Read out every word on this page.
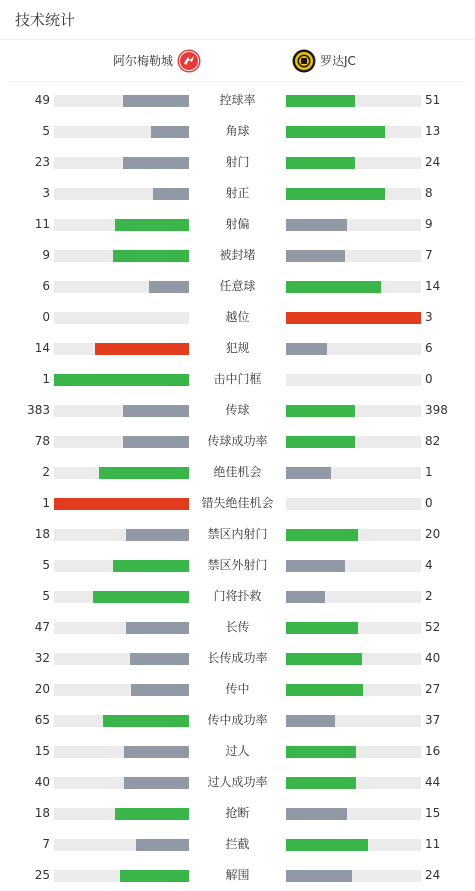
技术统计
阿尔梅勒城	罗达JC
49	控球率	51
5	角球	13
23	射门	24
3	射正	8
11	射偏	9
9	被封堵	7
6	任意球	14
0	越位	3
14	犯规	6
1	击中门框	0
383	传球	398
78	传球成功率	82
2	绝佳机会	1
1	错失绝佳机会	0
18	禁区内射门	20
5	禁区外射门	4
5	门将扑救	2
47	长传	52
32	长传成功率	40
20	传中	27
65	传中成功率	37
15	过人	16
40	过人成功率	44
18	抢断	15
7	拦截	11
25	解围	24
